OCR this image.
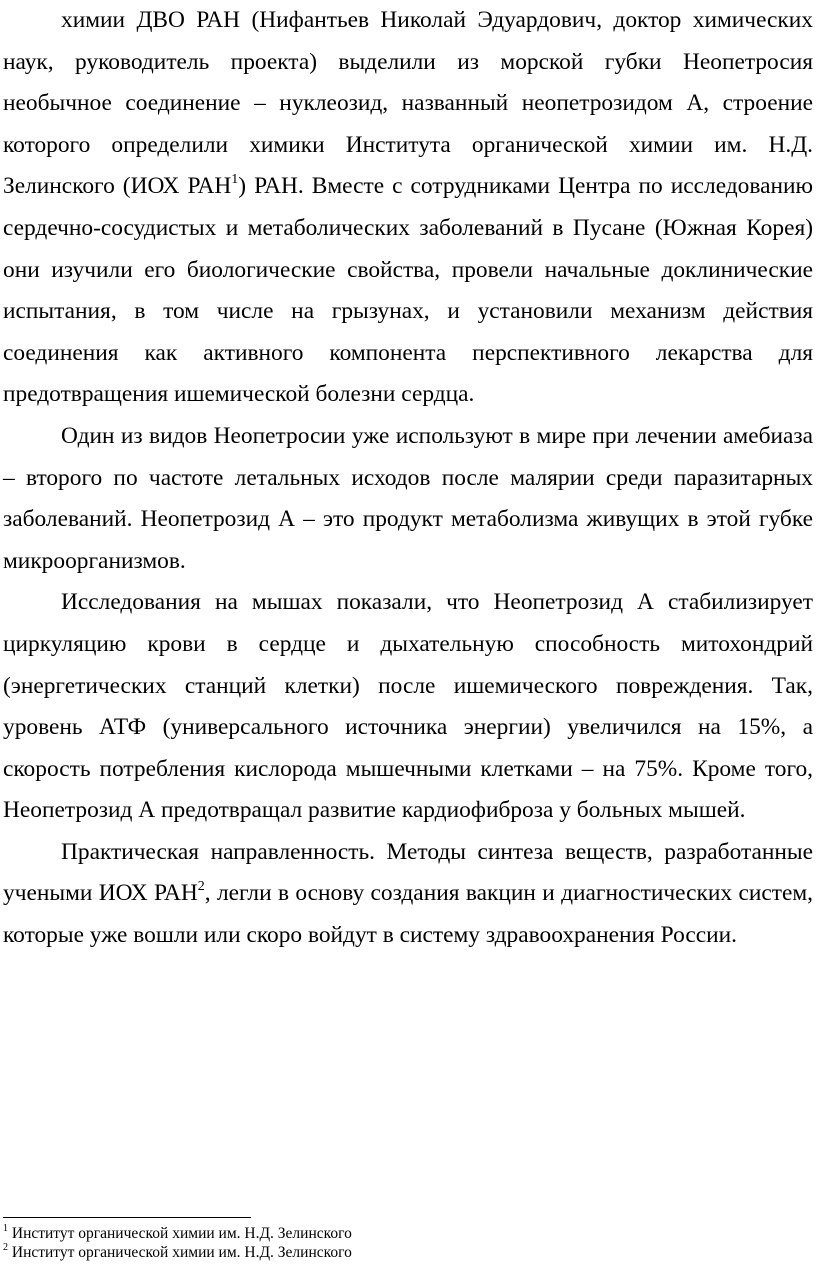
химии ДВО РАН (Нифантьев Николай Эдуардович, доктор химических наук, руководитель проекта) выделили из морской губки Неопетросия необычное соединение – нуклеозид, названный неопетрозидом А, строение которого определили химики Института органической химии им. Н.Д. Зелинского (ИОХ РАН$^1$) РАН. Вместе с сотрудниками Центра по исследованию сердечно-сосудистых и метаболических заболеваний в Пусане (Южная Корея) они изучили его биологические свойства, провели начальные доклинические испытания, в том числе на грызунах, и установили механизм действия соединения как активного компонента перспективного лекарства для предотвращения ишемической болезни сердца.

Один из видов Неопетросии уже используют в мире при лечении амебиаза – второго по частоте летальных исходов после малярии среди паразитарных заболеваний. Неопетрозид А – это продукт метаболизма живущих в этой губке микроорганизмов.

Исследования на мышах показали, что Неопетрозид А стабилизирует циркуляцию крови в сердце и дыхательную способность митохондрий (энергетических станций клетки) после ишемического повреждения. Так, уровень АТФ (универсального источника энергии) увеличился на 15%, а скорость потребления кислорода мышечными клетками – на 75%. Кроме того, Неопетрозид А предотвращал развитие кардиофиброза у больных мышей.

Практическая направленность. Методы синтеза веществ, разработанные учеными ИОХ РАН$^2$, легли в основу создания вакцин и диагностических систем, которые уже вошли или скоро войдут в систему здравоохранения России.

$^1$ Институт органической химии им. Н.Д. Зелинского

$^2$ Институт органической химии им. Н.Д. Зелинского
